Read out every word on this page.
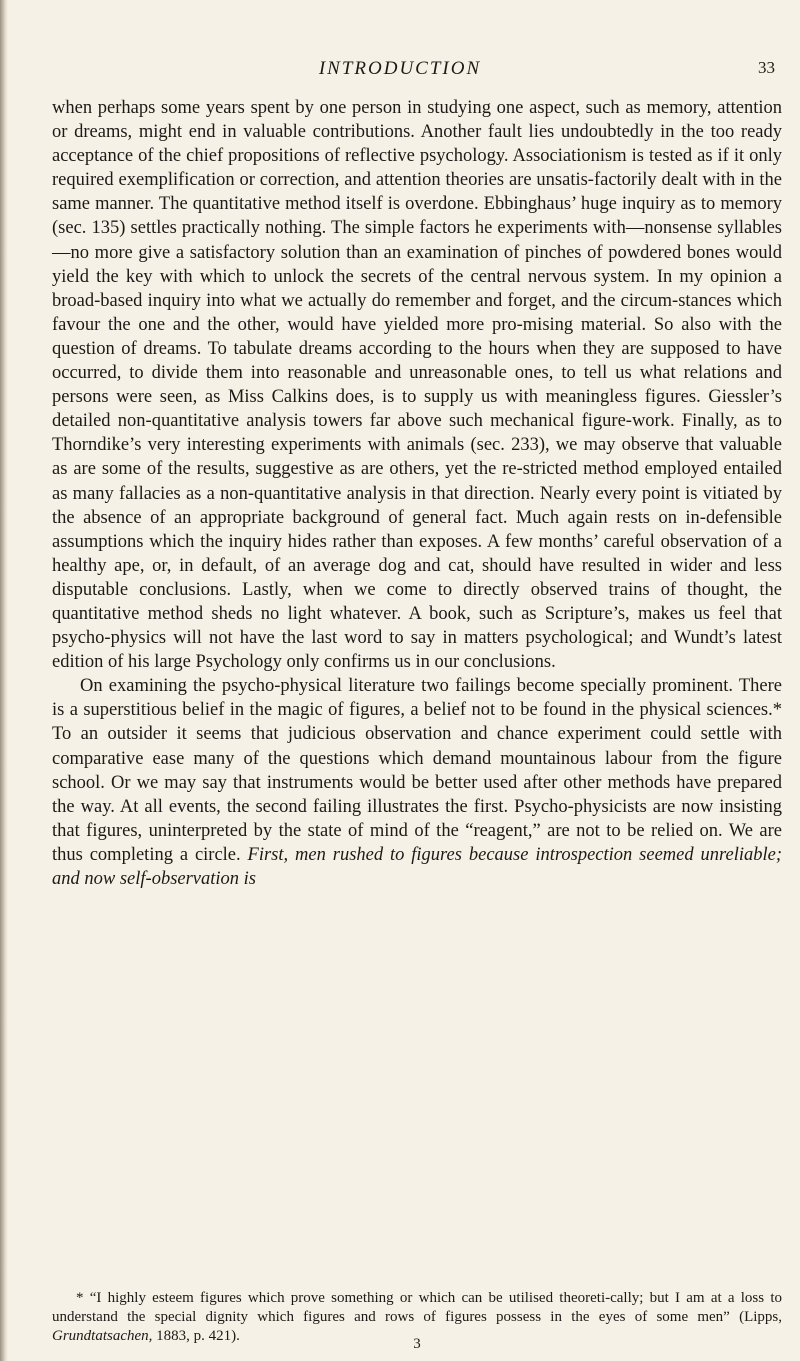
INTRODUCTION	33

when perhaps some years spent by one person in studying one aspect, such as memory, attention or dreams, might end in valuable contributions. Another fault lies undoubtedly in the too ready acceptance of the chief propositions of reflective psychology. Associationism is tested as if it only required exemplification or correction, and attention theories are unsatis-factorily dealt with in the same manner. The quantitative method itself is overdone. Ebbinghaus’ huge inquiry as to memory (sec. 135) settles practically nothing. The simple factors he experiments with—nonsense syllables—no more give a satisfactory solution than an examination of pinches of powdered bones would yield the key with which to unlock the secrets of the central nervous system. In my opinion a broad-based inquiry into what we actually do remember and forget, and the circum-stances which favour the one and the other, would have yielded more pro-mising material. So also with the question of dreams. To tabulate dreams according to the hours when they are supposed to have occurred, to divide them into reasonable and unreasonable ones, to tell us what relations and persons were seen, as Miss Calkins does, is to supply us with meaningless figures. Giessler’s detailed non-quantitative analysis towers far above such mechanical figure-work. Finally, as to Thorndike’s very interesting experiments with animals (sec. 233), we may observe that valuable as are some of the results, suggestive as are others, yet the re-stricted method employed entailed as many fallacies as a non-quantitative analysis in that direction. Nearly every point is vitiated by the absence of an appropriate background of general fact. Much again rests on in-defensible assumptions which the inquiry hides rather than exposes. A few months’ careful observation of a healthy ape, or, in default, of an average dog and cat, should have resulted in wider and less disputable conclusions. Lastly, when we come to directly observed trains of thought, the quantitative method sheds no light whatever. A book, such as Scripture’s, makes us feel that psycho-physics will not have the last word to say in matters psychological; and Wundt’s latest edition of his large Psychology only confirms us in our conclusions.

On examining the psycho-physical literature two failings become specially prominent. There is a superstitious belief in the magic of figures, a belief not to be found in the physical sciences.* To an outsider it seems that judicious observation and chance experiment could settle with comparative ease many of the questions which demand mountainous labour from the figure school. Or we may say that instruments would be better used after other methods have prepared the way. At all events, the second failing illustrates the first. Psycho-physicists are now insisting that figures, uninterpreted by the state of mind of the “reagent,” are not to be relied on. We are thus completing a circle. First, men rushed to figures because introspection seemed unreliable; and now self-observation is

* “I highly esteem figures which prove something or which can be utilised theoreti-cally; but I am at a loss to understand the special dignity which figures and rows of figures possess in the eyes of some men” (Lipps, Grundtatsachen, 1883, p. 421).	3
